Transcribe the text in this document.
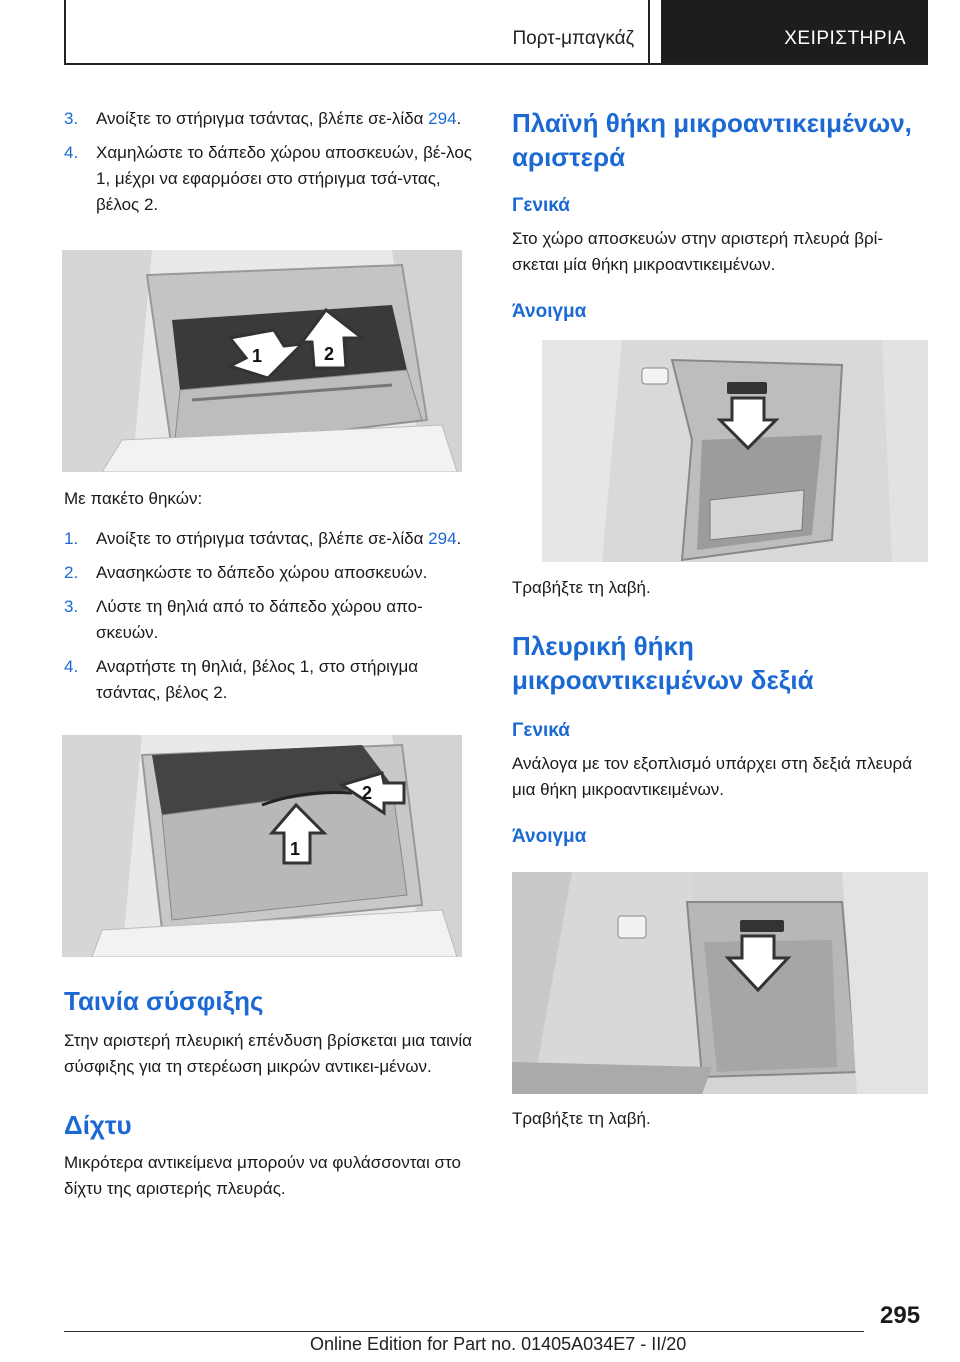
Πορτ-μπαγκάζ	ΧΕΙΡΙΣΤΗΡΙΑ
3. Ανοίξτε το στήριγμα τσάντας, βλέπε σε-λίδα 294.
4. Χαμηλώστε το δάπεδο χώρου αποσκευών, βέ-λος 1, μέχρι να εφαρμόσει στο στήριγμα τσά-ντας, βέλος 2.
1	2

Με πακέτο θηκών:

1. Ανοίξτε το στήριγμα τσάντας, βλέπε σε-λίδα 294.
2. Ανασηκώστε το δάπεδο χώρου αποσκευών.
3. Λύστε τη θηλιά από το δάπεδο χώρου απο-σκευών.
4. Αναρτήστε τη θηλιά, βέλος 1, στο στήριγμα τσάντας, βέλος 2.
1
2

Ταινία σύσφιξης

Στην αριστερή πλευρική επένδυση βρίσκεται μια ταινία σύσφιξης για τη στερέωση μικρών αντικει-μένων.

Δίχτυ

Μικρότερα αντικείμενα μπορούν να φυλάσσονται στο δίχτυ της αριστερής πλευράς.

Πλαϊνή θήκη μικροαντικειμένων, αριστερά

Γενικά

Στο χώρο αποσκευών στην αριστερή πλευρά βρί-σκεται μία θήκη μικροαντικειμένων.

Άνοιγμα

Τραβήξτε τη λαβή.

Πλευρική θήκη μικροαντικειμένων δεξιά

Γενικά

Ανάλογα με τον εξοπλισμό υπάρχει στη δεξιά πλευρά μια θήκη μικροαντικειμένων.

Άνοιγμα

Τραβήξτε τη λαβή.

295
Online Edition for Part no. 01405A034E7 - II/20
